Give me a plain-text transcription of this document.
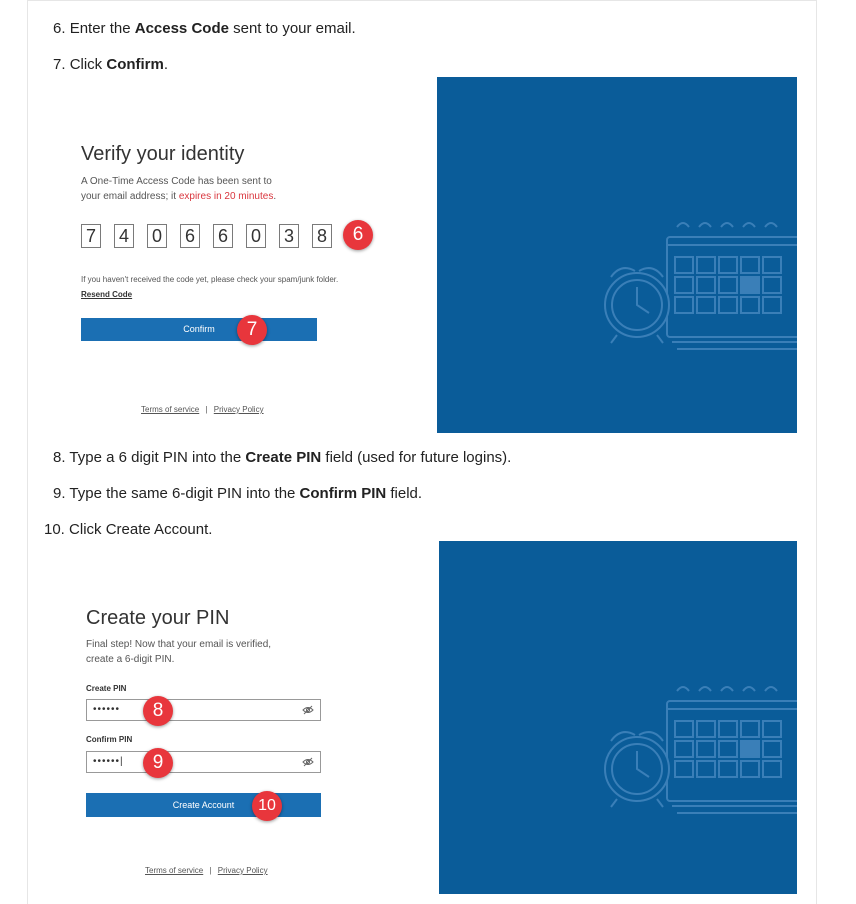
6. Enter the Access Code sent to your email.
7. Click Confirm.
Verify your identity
A One-Time Access Code has been sent to
your email address; it expires in 20 minutes.
7 4 0 6 6 0 3 8	6
If you haven't received the code yet, please check your spam/junk folder.
Resend Code
Confirm	7
Terms of service | Privacy Policy
8. Type a 6 digit PIN into the Create PIN field (used for future logins).
9. Type the same 6-digit PIN into the Confirm PIN field.
10. Click Create Account.
Create your PIN
Final step! Now that your email is verified,
create a 6-digit PIN.
Create PIN
••••••	8
Confirm PIN
••••••|	9
Create Account	10
Terms of service | Privacy Policy
